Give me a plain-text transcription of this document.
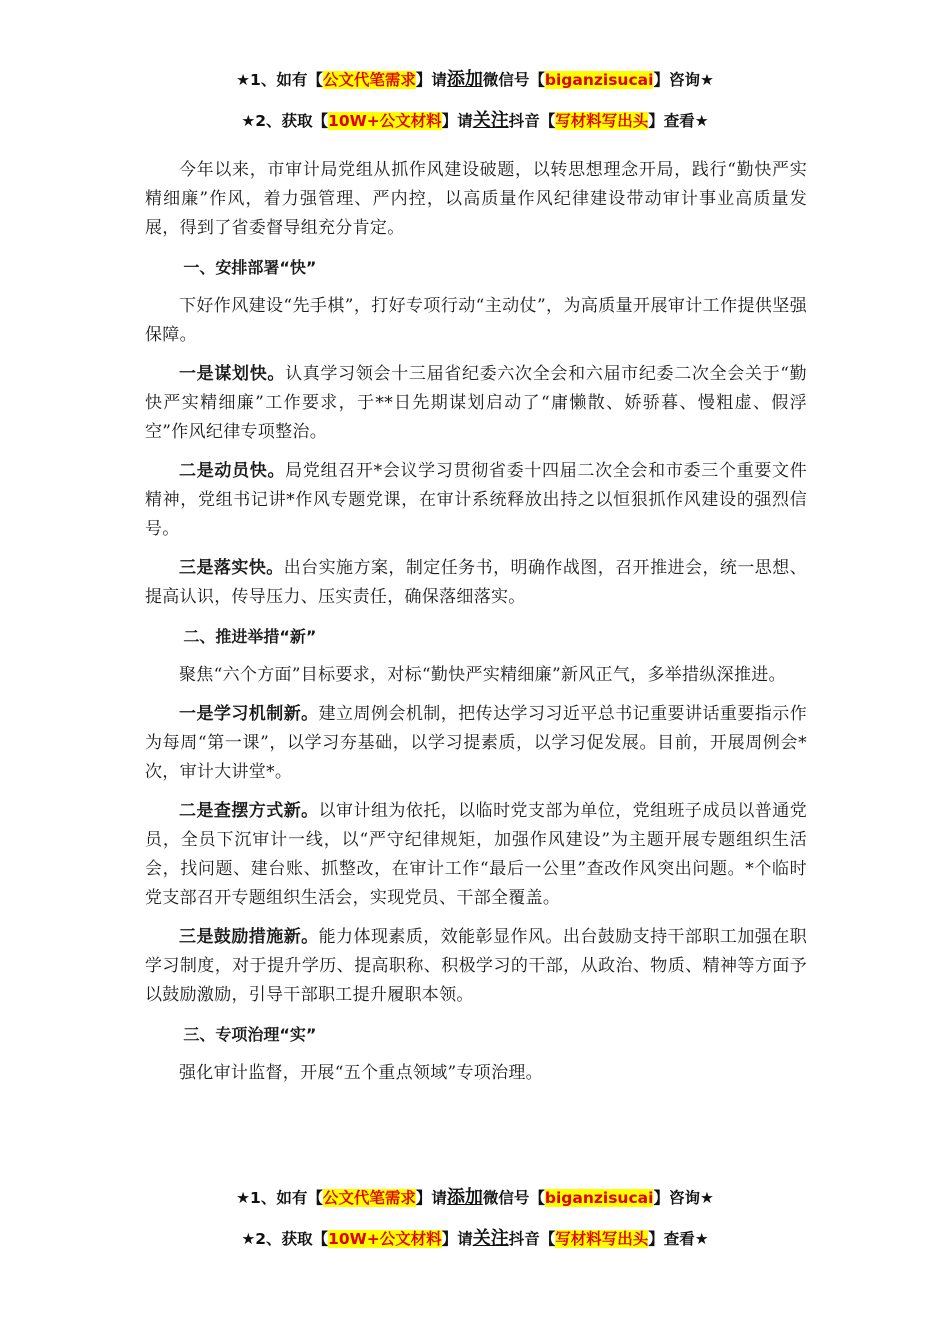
★1、如有【公文代笔需求】请添加微信号【biganzisucai】咨询★
★2、获取【10W+公文材料】请关注抖音【写材料写出头】查看★

今年以来，市审计局党组从抓作风建设破题，以转思想理念开局，践行“勤快严实精细廉”作风，着力强管理、严内控，以高质量作风纪律建设带动审计事业高质量发展，得到了省委督导组充分肯定。

一、安排部署“快”

下好作风建设“先手棋”，打好专项行动“主动仗”，为高质量开展审计工作提供坚强保障。

一是谋划快。认真学习领会十三届省纪委六次全会和六届市纪委二次全会关于“勤快严实精细廉”工作要求，于**日先期谋划启动了“庸懒散、娇骄暮、慢粗虚、假浮空”作风纪律专项整治。

二是动员快。局党组召开*会议学习贯彻省委十四届二次全会和市委三个重要文件精神，党组书记讲*作风专题党课，在审计系统释放出持之以恒狠抓作风建设的强烈信号。

三是落实快。出台实施方案，制定任务书，明确作战图，召开推进会，统一思想、提高认识，传导压力、压实责任，确保落细落实。

二、推进举措“新”

聚焦“六个方面”目标要求，对标“勤快严实精细廉”新风正气，多举措纵深推进。

一是学习机制新。建立周例会机制，把传达学习习近平总书记重要讲话重要指示作为每周“第一课”，以学习夯基础，以学习提素质，以学习促发展。目前，开展周例会*次，审计大讲堂*。

二是查摆方式新。以审计组为依托，以临时党支部为单位，党组班子成员以普通党员，全员下沉审计一线，以“严守纪律规矩，加强作风建设”为主题开展专题组织生活会，找问题、建台账、抓整改，在审计工作“最后一公里”查改作风突出问题。*个临时党支部召开专题组织生活会，实现党员、干部全覆盖。

三是鼓励措施新。能力体现素质，效能彰显作风。出台鼓励支持干部职工加强在职学习制度，对于提升学历、提高职称、积极学习的干部，从政治、物质、精神等方面予以鼓励激励，引导干部职工提升履职本领。

三、专项治理“实”

强化审计监督，开展“五个重点领域”专项治理。

★1、如有【公文代笔需求】请添加微信号【biganzisucai】咨询★
★2、获取【10W+公文材料】请关注抖音【写材料写出头】查看★
